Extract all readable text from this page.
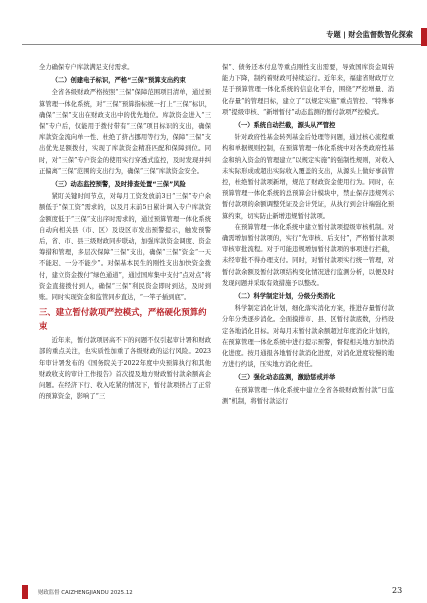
专题 | 财会监督数智化探索

全力确保专户库款满足支付需求。

（二）创建电子标识，严格“三保”预算支出约束

全省各级财政严格按照“三保”保障范围项目清单，通过预算管理一体化系统，对“三保”预算指标统一打上“三保”标识，确保“三保”支出在财政支出中的优先地位。库款资金进入“三保”专户后，仅能用于拨付带有“三保”项目标识的支出，确保库款资金流向单一性、杜绝了挤占挪用等行为，保障“三保”支出优先足额拨付，实现了库款资金精准匹配和保障到位。同时，对“三保”专户资金的使用实行穿透式监控，及时发现并纠正偏离“三保”范围的支出行为，确保“三保”库款资金安全。

（三）动态监控预警，及时排查处置“三保”风险

紧盯关键时间节点，对每月工资发放前3日“三保”专户余额低于“保工资”需求的，以及月末前5日累计调入专户库款资金额度低于“三保”支出序时需求的，通过预算管理一体化系统自动向相关县（市、区）及设区市发出预警提示，触发预警后，省、市、县三级财政同步联动，加强库款资金调度、资金筹措和管理，多层次保障“三保”支出，确保“三保”资金“一天不能迟、一分不能少”。对保基本民生的刚性支出加快资金拨付，建立资金拨付“绿色通道”，通过国库集中支付“点对点”将资金直接拨付到人，确保“三保”利民资金即时到达，及时到账。同时实现资金和监管同步直达，“一竿子插到底”。

三、建立暂付款项严控模式，严格硬化预算约束

近年来，暂付款项居高不下的问题不仅引起审计署和财政部的重点关注，也实质性加重了各级财政的运行风险。2023年审计署发布的《国务院关于2022年度中央预算执行和其他财政收支的审计工作报告》首次提及地方财政暂付款余额高企问题。在经济下行、收入吃紧的情况下，暂付款项挤占了正常的预算资金，影响了“三

保”、债务还本付息等重点刚性支出需要，导致国库资金周转能力下降，制约着财政可持续运行。近年来，福建省财政厅立足于预算管理一体化系统的信息化平台，围绕“严控增量、消化存量”的管理目标，建立了“以规定实施”重点管控、“特殊事项”提级审核、“新增暂付”动态监测的暂付款项严控模式。

（一）系统自动拦截，源头从严管控

针对政府性基金转列基金后处理等问题，通过核心流程重构和单据规则控制，在预算管理一体化系统中对各类政府性基金和纳入资金的管理建立“以规定实施”的强制性规则，对收入未实际形成或超出实际收入覆盖的支出，从源头上做好事前管控，杜绝暂付款项新增，规范了财政资金使用行为。同时，在预算管理一体化系统的总预算会计模块中，禁止保存违规列示暂付款项的余额调整凭证及会计凭证，从执行到会计端强化预算约束，切实防止新增违规暂付款项。

在预算管理一体化系统中建立暂付款项提级审核机制。对确需增加暂付款项的，实行“先审核、后支付”，严格暂付款项审核审批流程。对于可能违规增加暂付款项的事项进行拦截，未经审批不得办理支付。同时，对暂付款项实行统一管理，对暂付款余额及暂付款项结构变化情况进行监测分析，以便及时发现问题并采取有效措施予以整改。

（二）科学制定计划，分级分类消化

科学制定消化计划，细化落实消化方案，推进存量暂付款分年分类逐步消化。全面摸排市、县、区暂付款底数，分档设定各地消化目标。对每月末暂付款余额超过年度消化计划的，在预算管理一体化系统中进行提示预警，督促相关地方加快消化进度。按月通报各地暂付款消化进度，对消化进度较慢的地方进行约谈，压实地方消化责任。

（三）强化动态监测，激励惩戒并举

在预算管理一体化系统中建立全省各级财政暂付款“日监测”机制，将暂付款运行

财政监督 CAIZHENGJIANDU 2025.12	23
